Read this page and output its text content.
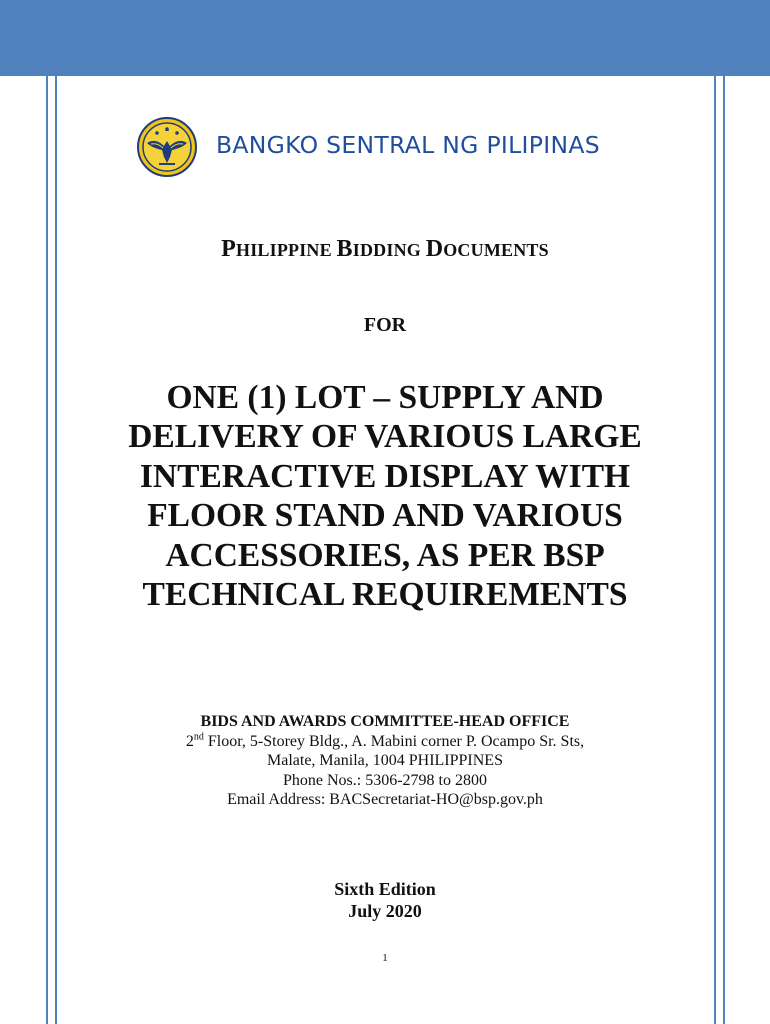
BANGKO SENTRAL NG PILIPINAS
PHILIPPINE BIDDING DOCUMENTS
FOR
ONE (1) LOT – SUPPLY AND
DELIVERY OF VARIOUS LARGE
INTERACTIVE DISPLAY WITH
FLOOR STAND AND VARIOUS
ACCESSORIES, AS PER BSP
TECHNICAL REQUIREMENTS
BIDS AND AWARDS COMMITTEE-HEAD OFFICE
2nd Floor, 5-Storey Bldg., A. Mabini corner P. Ocampo Sr. Sts,
Malate, Manila, 1004 PHILIPPINES
Phone Nos.: 5306-2798 to 2800
Email Address: BACSecretariat-HO@bsp.gov.ph
Sixth Edition
July 2020
1
